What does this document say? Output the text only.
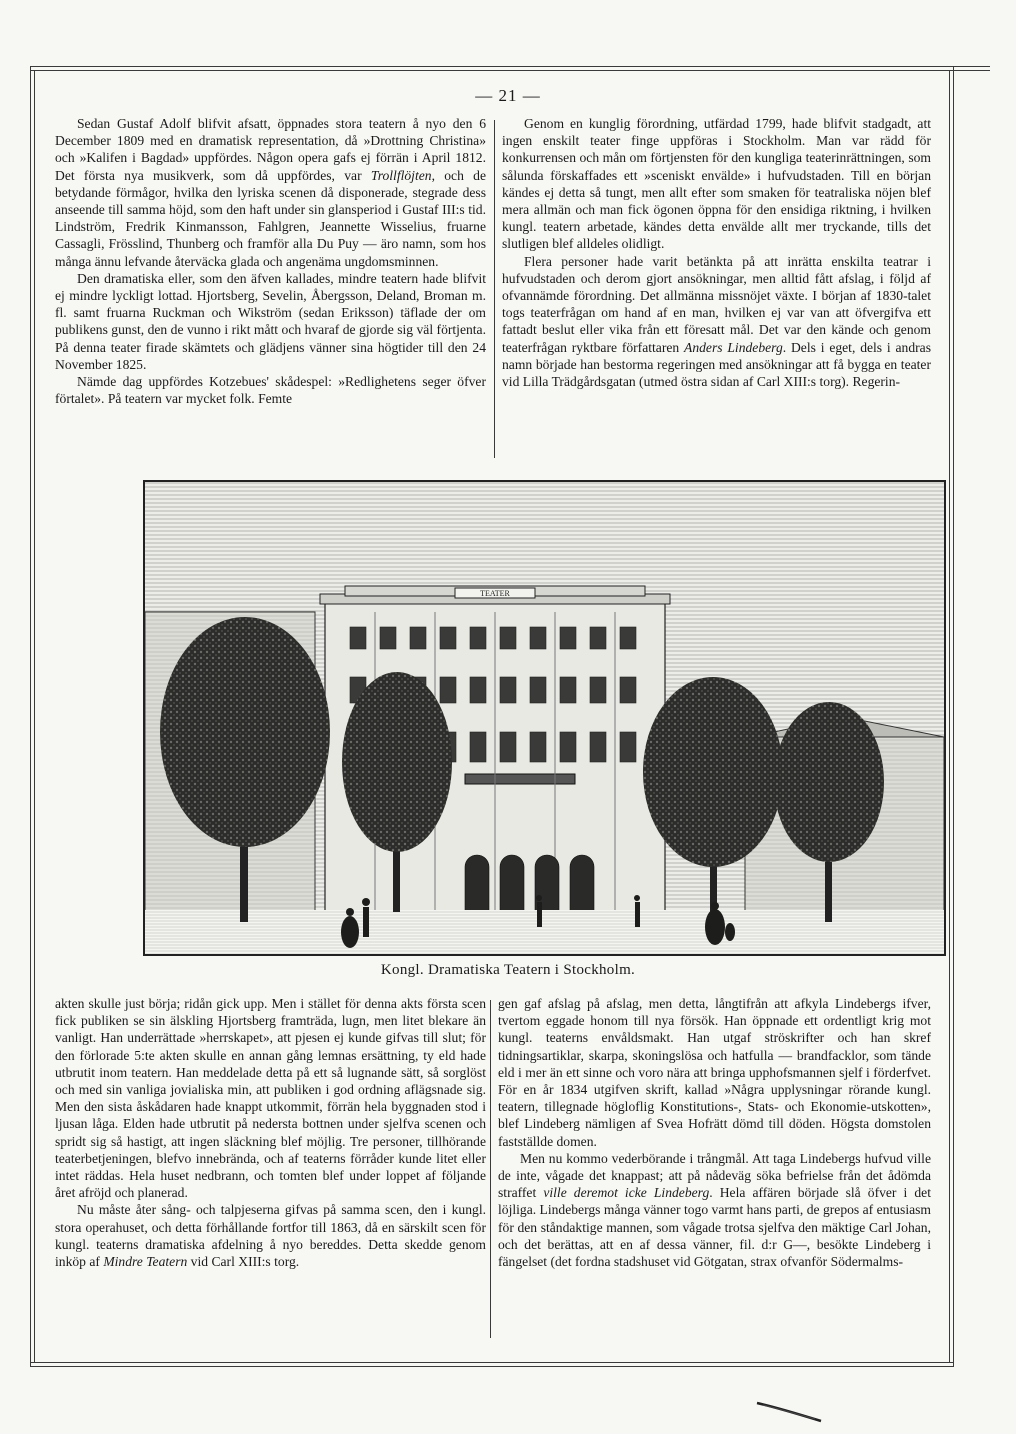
— 21 —

Sedan Gustaf Adolf blifvit afsatt, öppnades stora teatern å nyo den 6 December 1809 med en dramatisk representation, då »Drottning Christina» och »Kalifen i Bagdad» uppfördes. Någon opera gafs ej förrän i April 1812. Det första nya musikverk, som då uppfördes, var Trollflöjten, och de betydande förmågor, hvilka den lyriska scenen då disponerade, stegrade dess anseende till samma höjd, som den haft under sin glansperiod i Gustaf III:s tid. Lindström, Fredrik Kinmansson, Fahlgren, Jeannette Wisselius, fruarne Cassagli, Frösslind, Thunberg och framför alla Du Puy — äro namn, som hos många ännu lefvande återväcka glada och angenäma ungdomsminnen.

Den dramatiska eller, som den äfven kallades, mindre teatern hade blifvit ej mindre lyckligt lottad. Hjortsberg, Sevelin, Åbergsson, Deland, Broman m. fl. samt fruarna Ruckman och Wikström (sedan Eriksson) täflade der om publikens gunst, den de vunno i rikt mått och hvaraf de gjorde sig väl förtjenta. På denna teater firade skämtets och glädjens vänner sina högtider till den 24 November 1825.

Nämde dag uppfördes Kotzebues' skådespel: »Redlighetens seger öfver förtalet». På teatern var mycket folk. Femte

Genom en kunglig förordning, utfärdad 1799, hade blifvit stadgadt, att ingen enskilt teater finge uppföras i Stockholm. Man var rädd för konkurrensen och mån om förtjensten för den kungliga teaterinrättningen, som sålunda förskaffades ett »sceniskt envälde» i hufvudstaden. Till en början kändes ej detta så tungt, men allt efter som smaken för teatraliska nöjen blef mera allmän och man fick ögonen öppna för den ensidiga riktning, i hvilken kungl. teatern arbetade, kändes detta envälde allt mer tryckande, tills det slutligen blef alldeles olidligt.

Flera personer hade varit betänkta på att inrätta enskilta teatrar i hufvudstaden och derom gjort ansökningar, men alltid fått afslag, i följd af ofvannämde förordning. Det allmänna missnöjet växte. I början af 1830-talet togs teaterfrågan om hand af en man, hvilken ej var van att öfvergifva ett fattadt beslut eller vika från ett föresatt mål. Det var den kände och genom teaterfrågan ryktbare författaren Anders Lindeberg. Dels i eget, dels i andras namn började han bestorma regeringen med ansökningar att få bygga en teater vid Lilla Trädgårdsgatan (utmed östra sidan af Carl XIII:s torg). Regerin-

TEATER
Kongl. Dramatiska Teatern i Stockholm.

akten skulle just börja; ridån gick upp. Men i stället för denna akts första scen fick publiken se sin älskling Hjortsberg framträda, lugn, men litet blekare än vanligt. Han underrättade »herrskapet», att pjesen ej kunde gifvas till slut; för den förlorade 5:te akten skulle en annan gång lemnas ersättning, ty eld hade utbrutit inom teatern. Han meddelade detta på ett så lugnande sätt, så sorglöst och med sin vanliga jovialiska min, att publiken i god ordning aflägsnade sig. Men den sista åskådaren hade knappt utkommit, förrän hela byggnaden stod i ljusan låga. Elden hade utbrutit på nedersta bottnen under sjelfva scenen och spridt sig så hastigt, att ingen släckning blef möjlig. Tre personer, tillhörande teaterbetjeningen, blefvo innebrända, och af teaterns förråder kunde litet eller intet räddas. Hela huset nedbrann, och tomten blef under loppet af följande året afröjd och planerad.

Nu måste åter sång- och talpjeserna gifvas på samma scen, den i kungl. stora operahuset, och detta förhållande fortfor till 1863, då en särskilt scen för kungl. teaterns dramatiska afdelning å nyo bereddes. Detta skedde genom inköp af Mindre Teatern vid Carl XIII:s torg.

gen gaf afslag på afslag, men detta, långtifrån att afkyla Lindebergs ifver, tvertom eggade honom till nya försök. Han öppnade ett ordentligt krig mot kungl. teaterns envåldsmakt. Han utgaf ströskrifter och han skref tidningsartiklar, skarpa, skoningslösa och hatfulla — brandfacklor, som tände eld i mer än ett sinne och voro nära att bringa upphofsmannen sjelf i förderfvet. För en år 1834 utgifven skrift, kallad »Några upplysningar rörande kungl. teatern, tillegnade högloflig Konstitutions-, Stats- och Ekonomie-utskotten», blef Lindeberg nämligen af Svea Hofrätt dömd till döden. Högsta domstolen fastställde domen.

Men nu kommo vederbörande i trångmål. Att taga Lindebergs hufvud ville de inte, vågade det knappast; att på nådeväg söka befrielse från det ådömda straffet ville deremot icke Lindeberg. Hela affären började slå öfver i det löjliga. Lindebergs många vänner togo varmt hans parti, de grepos af entusiasm för den ståndaktige mannen, som vågade trotsa sjelfva den mäktige Carl Johan, och det berättas, att en af dessa vänner, fil. d:r G—, besökte Lindeberg i fängelset (det fordna stadshuset vid Götgatan, strax ofvanför Södermalms-
